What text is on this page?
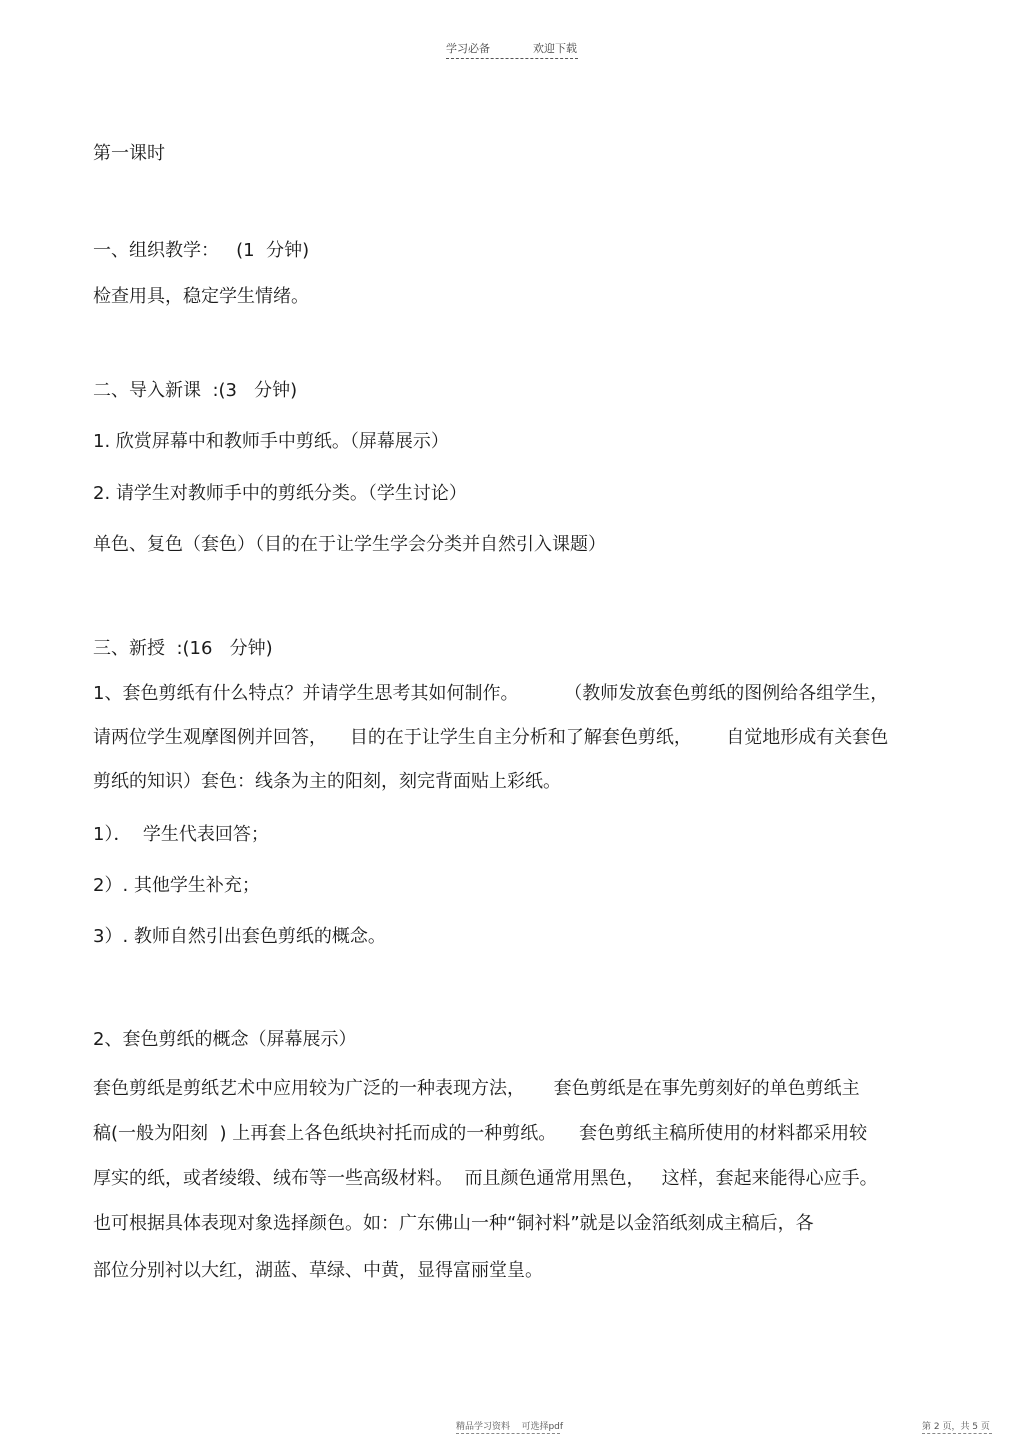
学习必备	欢迎下载
第一课时
一、组织教学：   (1  分钟)
检查用具，稳定学生情绪。
二、导入新课  :(3   分钟)
1. 欣赏屏幕中和教师手中剪纸。（屏幕展示）
2. 请学生对教师手中的剪纸分类。（学生讨论）
单色、复色（套色）（目的在于让学生学会分类并自然引入课题）
三、新授  :(16   分钟)
1、套色剪纸有什么特点？并请学生思考其如何制作。        （教师发放套色剪纸的图例给各组学生，
请两位学生观摩图例并回答，    目的在于让学生自主分析和了解套色剪纸，      自觉地形成有关套色
剪纸的知识）套色：线条为主的阳刻，刻完背面贴上彩纸。
1）．  学生代表回答；
2）. 其他学生补充；
3）. 教师自然引出套色剪纸的概念。
2、套色剪纸的概念（屏幕展示）
套色剪纸是剪纸艺术中应用较为广泛的一种表现方法，     套色剪纸是在事先剪刻好的单色剪纸主
稿(一般为阳刻  ) 上再套上各色纸块衬托而成的一种剪纸。    套色剪纸主稿所使用的材料都采用较
厚实的纸，或者绫缎、绒布等一些高级材料。  而且颜色通常用黑色，   这样，套起来能得心应手。
也可根据具体表现对象选择颜色。如：广东佛山一种“铜衬料”就是以金箔纸刻成主稿后，各
部位分别衬以大红，湖蓝、草绿、中黄，显得富丽堂皇。
精品学习资料    可选择pdf	第 2 页，共 5 页
